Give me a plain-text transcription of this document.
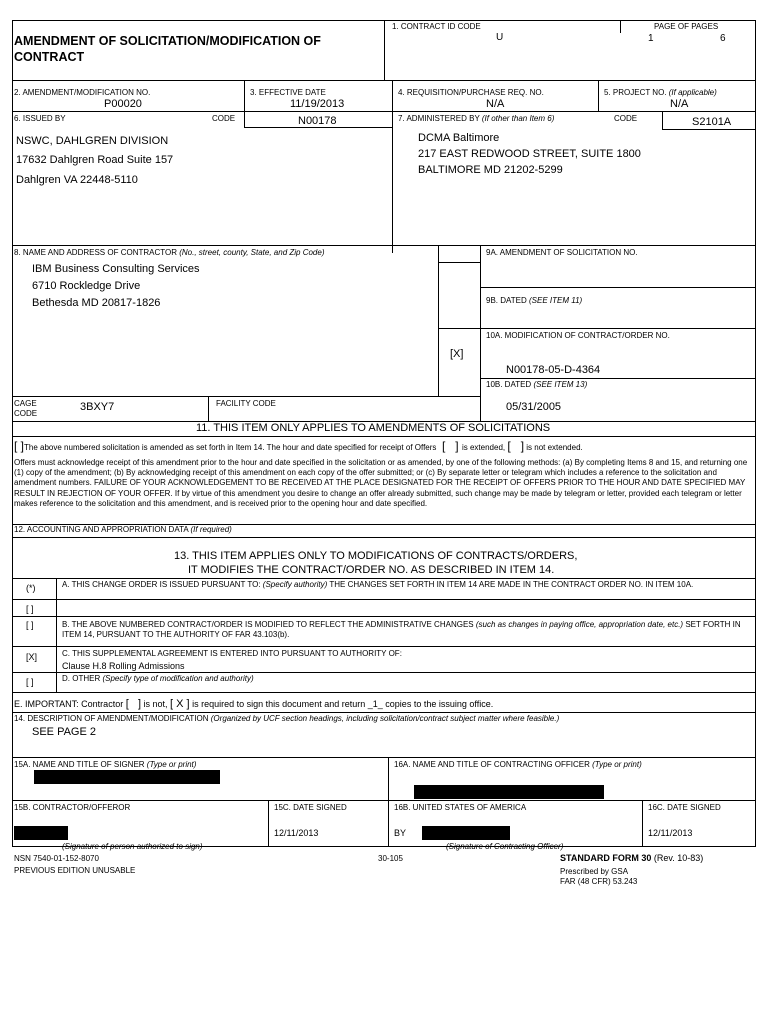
AMENDMENT OF SOLICITATION/MODIFICATION OF
CONTRACT
1. CONTRACT ID CODE
U
PAGE OF PAGES
1	6
2. AMENDMENT/MODIFICATION NO.
P00020
3. EFFECTIVE DATE
11/19/2013
4. REQUISITION/PURCHASE REQ. NO.
N/A
5. PROJECT NO. (If applicable)
N/A
6. ISSUED BY	CODE	N00178
NSWC, DAHLGREN DIVISION
17632 Dahlgren Road Suite 157
Dahlgren VA 22448-5110
7. ADMINISTERED BY (If other than Item 6)	CODE	S2101A
DCMA Baltimore
217 EAST REDWOOD STREET, SUITE 1800
BALTIMORE MD 21202-5299
8. NAME AND ADDRESS OF CONTRACTOR (No., street, county, State, and Zip Code)
IBM Business Consulting Services
6710 Rockledge Drive
Bethesda MD 20817-1826
9A. AMENDMENT OF SOLICITATION NO.
9B. DATED (SEE ITEM 11)
10A. MODIFICATION OF CONTRACT/ORDER NO.
[X]
N00178-05-D-4364
10B. DATED (SEE ITEM 13)
05/31/2005
CAGE
CODE
3BXY7	FACILITY CODE
11. THIS ITEM ONLY APPLIES TO AMENDMENTS OF SOLICITATIONS
[ ]The above numbered solicitation is amended as set forth in Item 14. The hour and date specified for receipt of Offers  [   ] is extended, [   ] is not extended.
Offers must acknowledge receipt of this amendment prior to the hour and date specified in the solicitation or as amended, by one of the following methods: (a) By completing Items 8 and 15, and returning one (1) copy of the amendment; (b) By acknowledging receipt of this amendment on each copy of the offer submitted; or (c) By separate letter or telegram which includes a reference to the solicitation and amendment numbers. FAILURE OF YOUR ACKNOWLEDGEMENT TO BE RECEIVED AT THE PLACE DESIGNATED FOR THE RECEIPT OF OFFERS PRIOR TO THE HOUR AND DATE SPECIFIED MAY RESULT IN REJECTION OF YOUR OFFER. If by virtue of this amendment you desire to change an offer already submitted, such change may be made by telegram or letter, provided each telegram or letter makes reference to the solicitation and this amendment, and is received prior to the opening hour and date specified.
12. ACCOUNTING AND APPROPRIATION DATA (If required)
13. THIS ITEM APPLIES ONLY TO MODIFICATIONS OF CONTRACTS/ORDERS,
IT MODIFIES THE CONTRACT/ORDER NO. AS DESCRIBED IN ITEM 14.
(*)	A. THIS CHANGE ORDER IS ISSUED PURSUANT TO: (Specify authority) THE CHANGES SET FORTH IN ITEM 14 ARE MADE IN THE CONTRACT ORDER NO. IN ITEM 10A.
[ ]
[ ]	B. THE ABOVE NUMBERED CONTRACT/ORDER IS MODIFIED TO REFLECT THE ADMINISTRATIVE CHANGES (such as changes in paying office, appropriation date, etc.) SET FORTH IN ITEM 14, PURSUANT TO THE AUTHORITY OF FAR 43.103(b).
[X]	C. THIS SUPPLEMENTAL AGREEMENT IS ENTERED INTO PURSUANT TO AUTHORITY OF:
Clause H.8 Rolling Admissions
[ ]	D. OTHER (Specify type of modification and authority)
E. IMPORTANT: Contractor [   ] is not, [ X ] is required to sign this document and return _1_ copies to the issuing office.
14. DESCRIPTION OF AMENDMENT/MODIFICATION (Organized by UCF section headings, including solicitation/contract subject matter where feasible.)
SEE PAGE 2
15A. NAME AND TITLE OF SIGNER (Type or print)	16A. NAME AND TITLE OF CONTRACTING OFFICER (Type or print)
15B. CONTRACTOR/OFFEROR	15C. DATE SIGNED
12/11/2013
16B. UNITED STATES OF AMERICA
BY
16C. DATE SIGNED
12/11/2013
(Signature of person authorized to sign)	(Signature of Contracting Officer)
NSN 7540-01-152-8070
PREVIOUS EDITION UNUSABLE
30-105	STANDARD FORM 30 (Rev. 10-83)
Prescribed by GSA
FAR (48 CFR) 53.243
